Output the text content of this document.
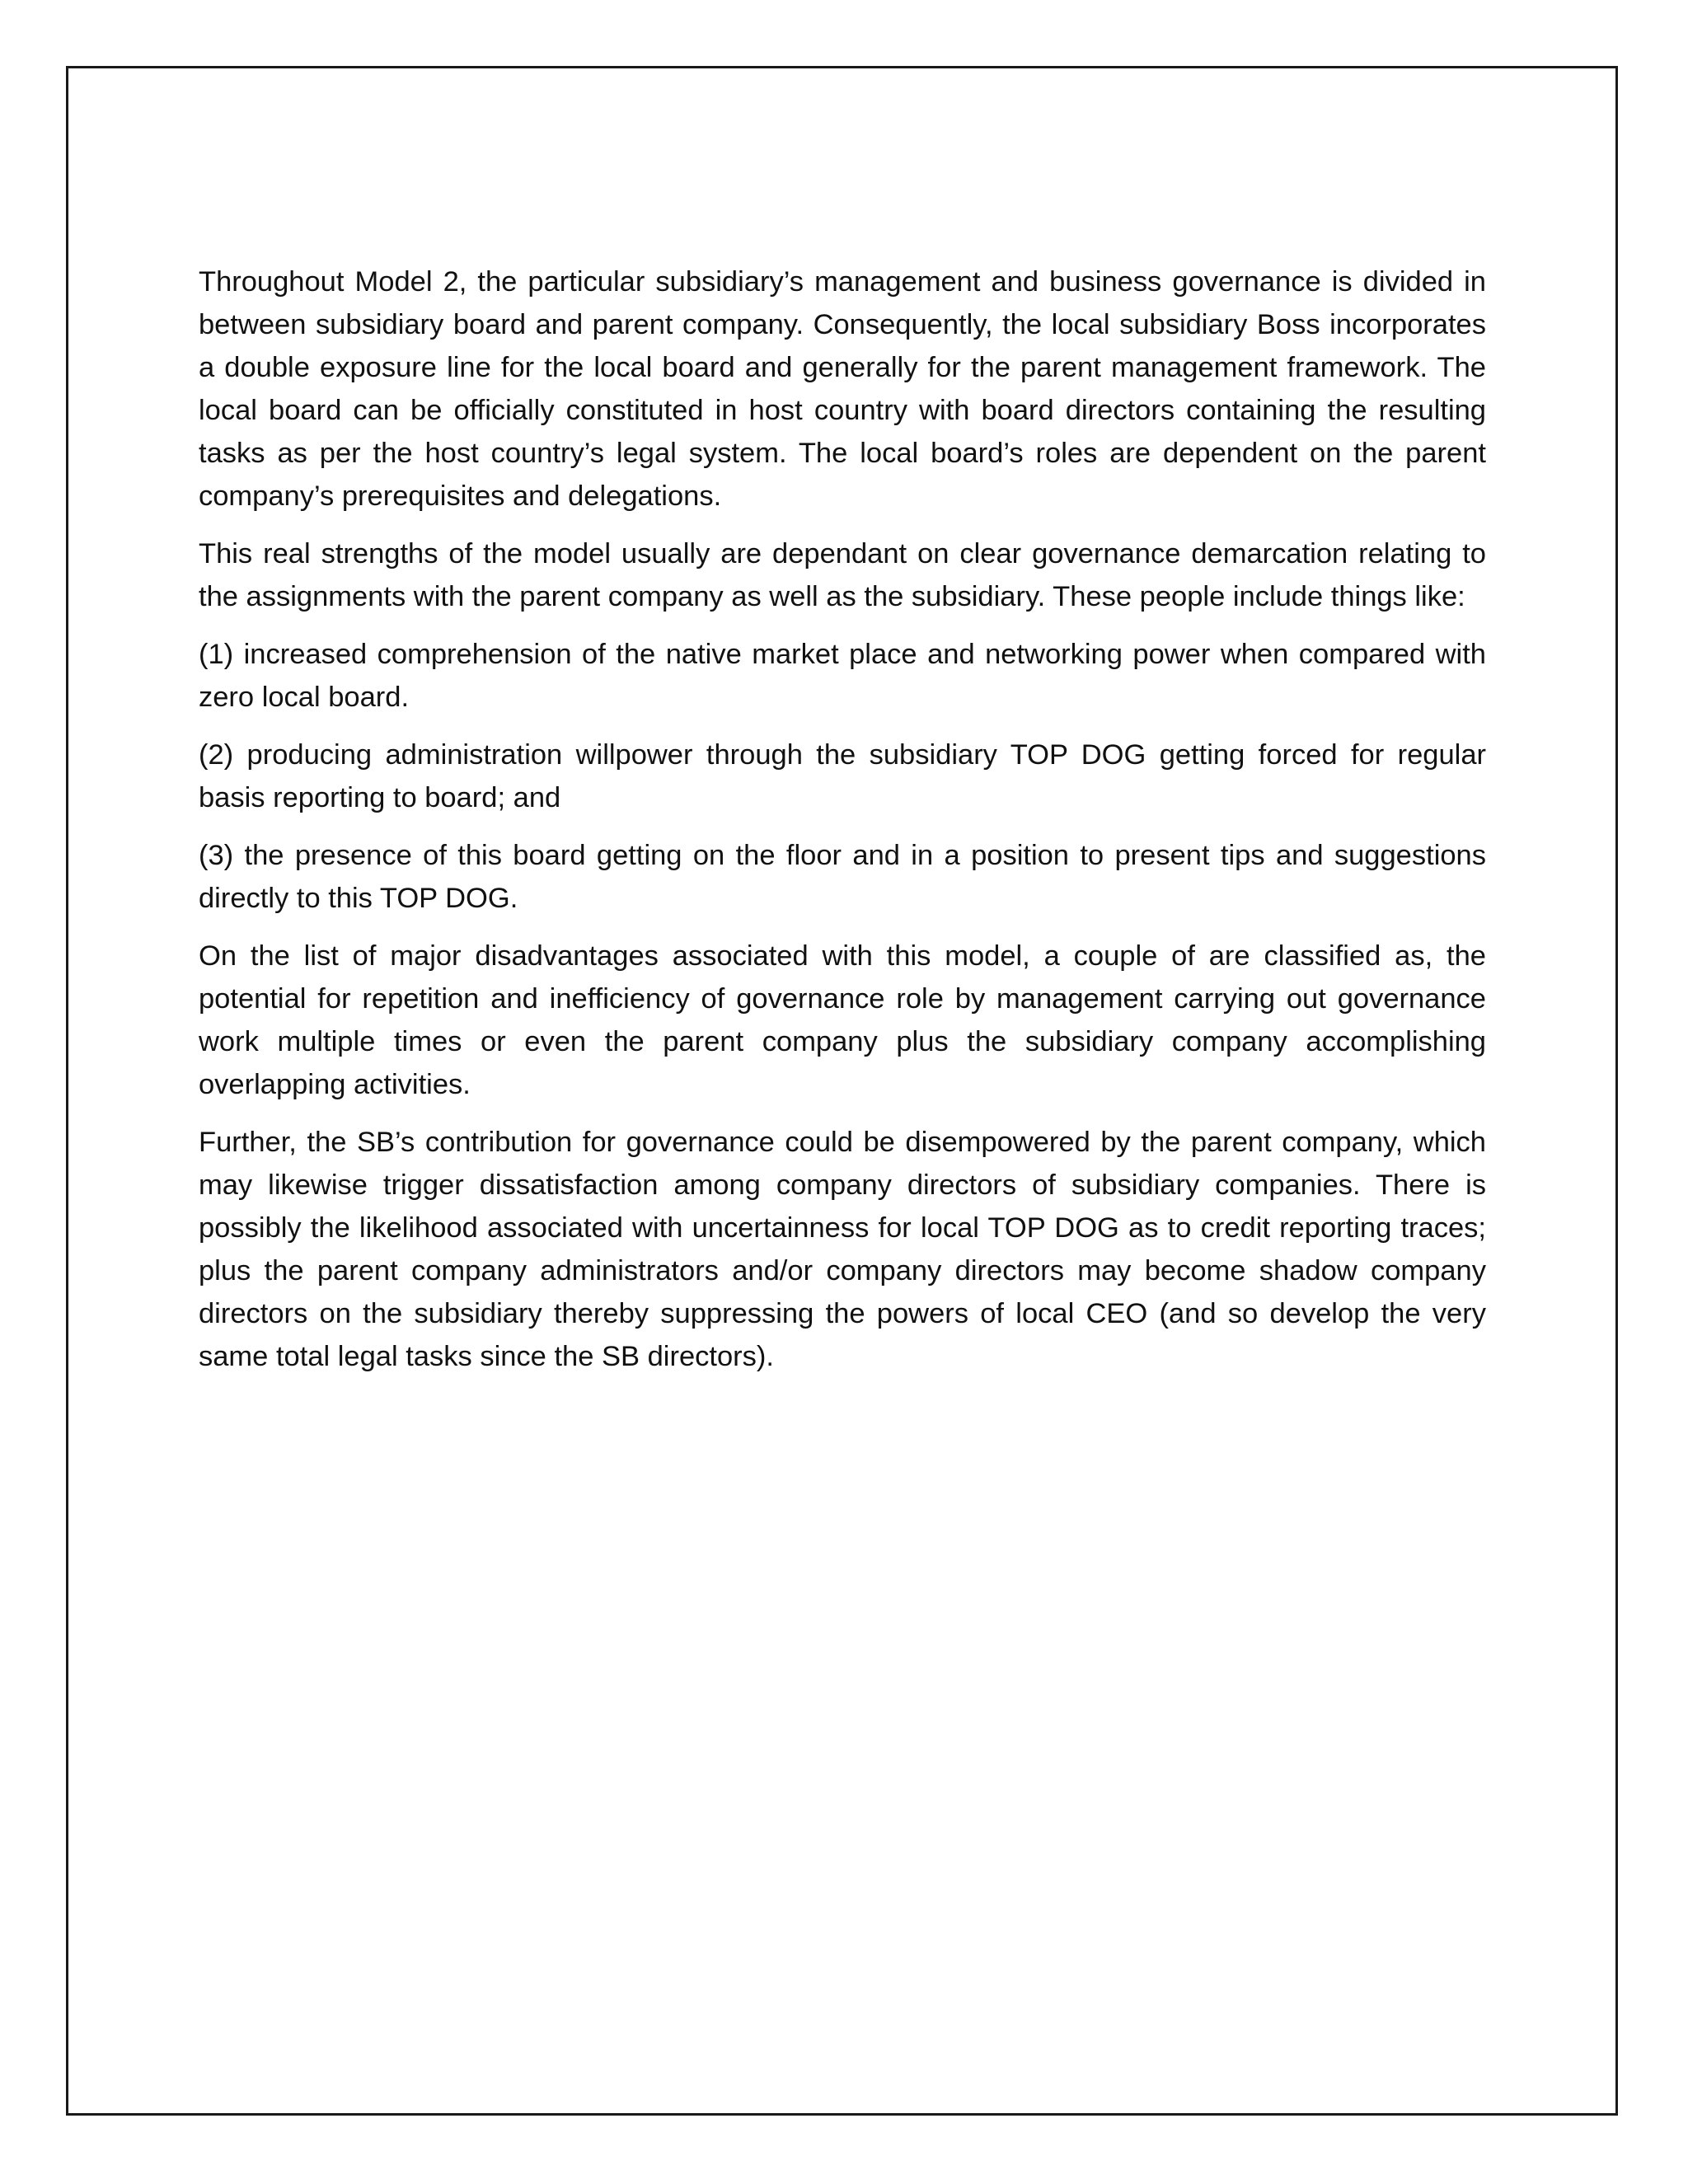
Throughout Model 2, the particular subsidiary’s management and business governance is divided in between subsidiary board and parent company. Consequently, the local subsidiary Boss incorporates a double exposure line for the local board and generally for the parent management framework. The local board can be officially constituted in host country with board directors containing the resulting tasks as per the host country’s legal system. The local board’s roles are dependent on the parent company’s prerequisites and delegations.

This real strengths of the model usually are dependant on clear governance demarcation relating to the assignments with the parent company as well as the subsidiary. These people include things like:

(1) increased comprehension of the native market place and networking power when compared with zero local board.

(2) producing administration willpower through the subsidiary TOP DOG getting forced for regular basis reporting to board; and

(3) the presence of this board getting on the floor and in a position to present tips and suggestions directly to this TOP DOG.

On the list of major disadvantages associated with this model, a couple of are classified as, the potential for repetition and inefficiency of governance role by management carrying out governance work multiple times or even the parent company plus the subsidiary company accomplishing overlapping activities.

Further, the SB’s contribution for governance could be disempowered by the parent company, which may likewise trigger dissatisfaction among company directors of subsidiary companies. There is possibly the likelihood associated with uncertainness for local TOP DOG as to credit reporting traces; plus the parent company administrators and/or company directors may become shadow company directors on the subsidiary thereby suppressing the powers of local CEO (and so develop the very same total legal tasks since the SB directors).
